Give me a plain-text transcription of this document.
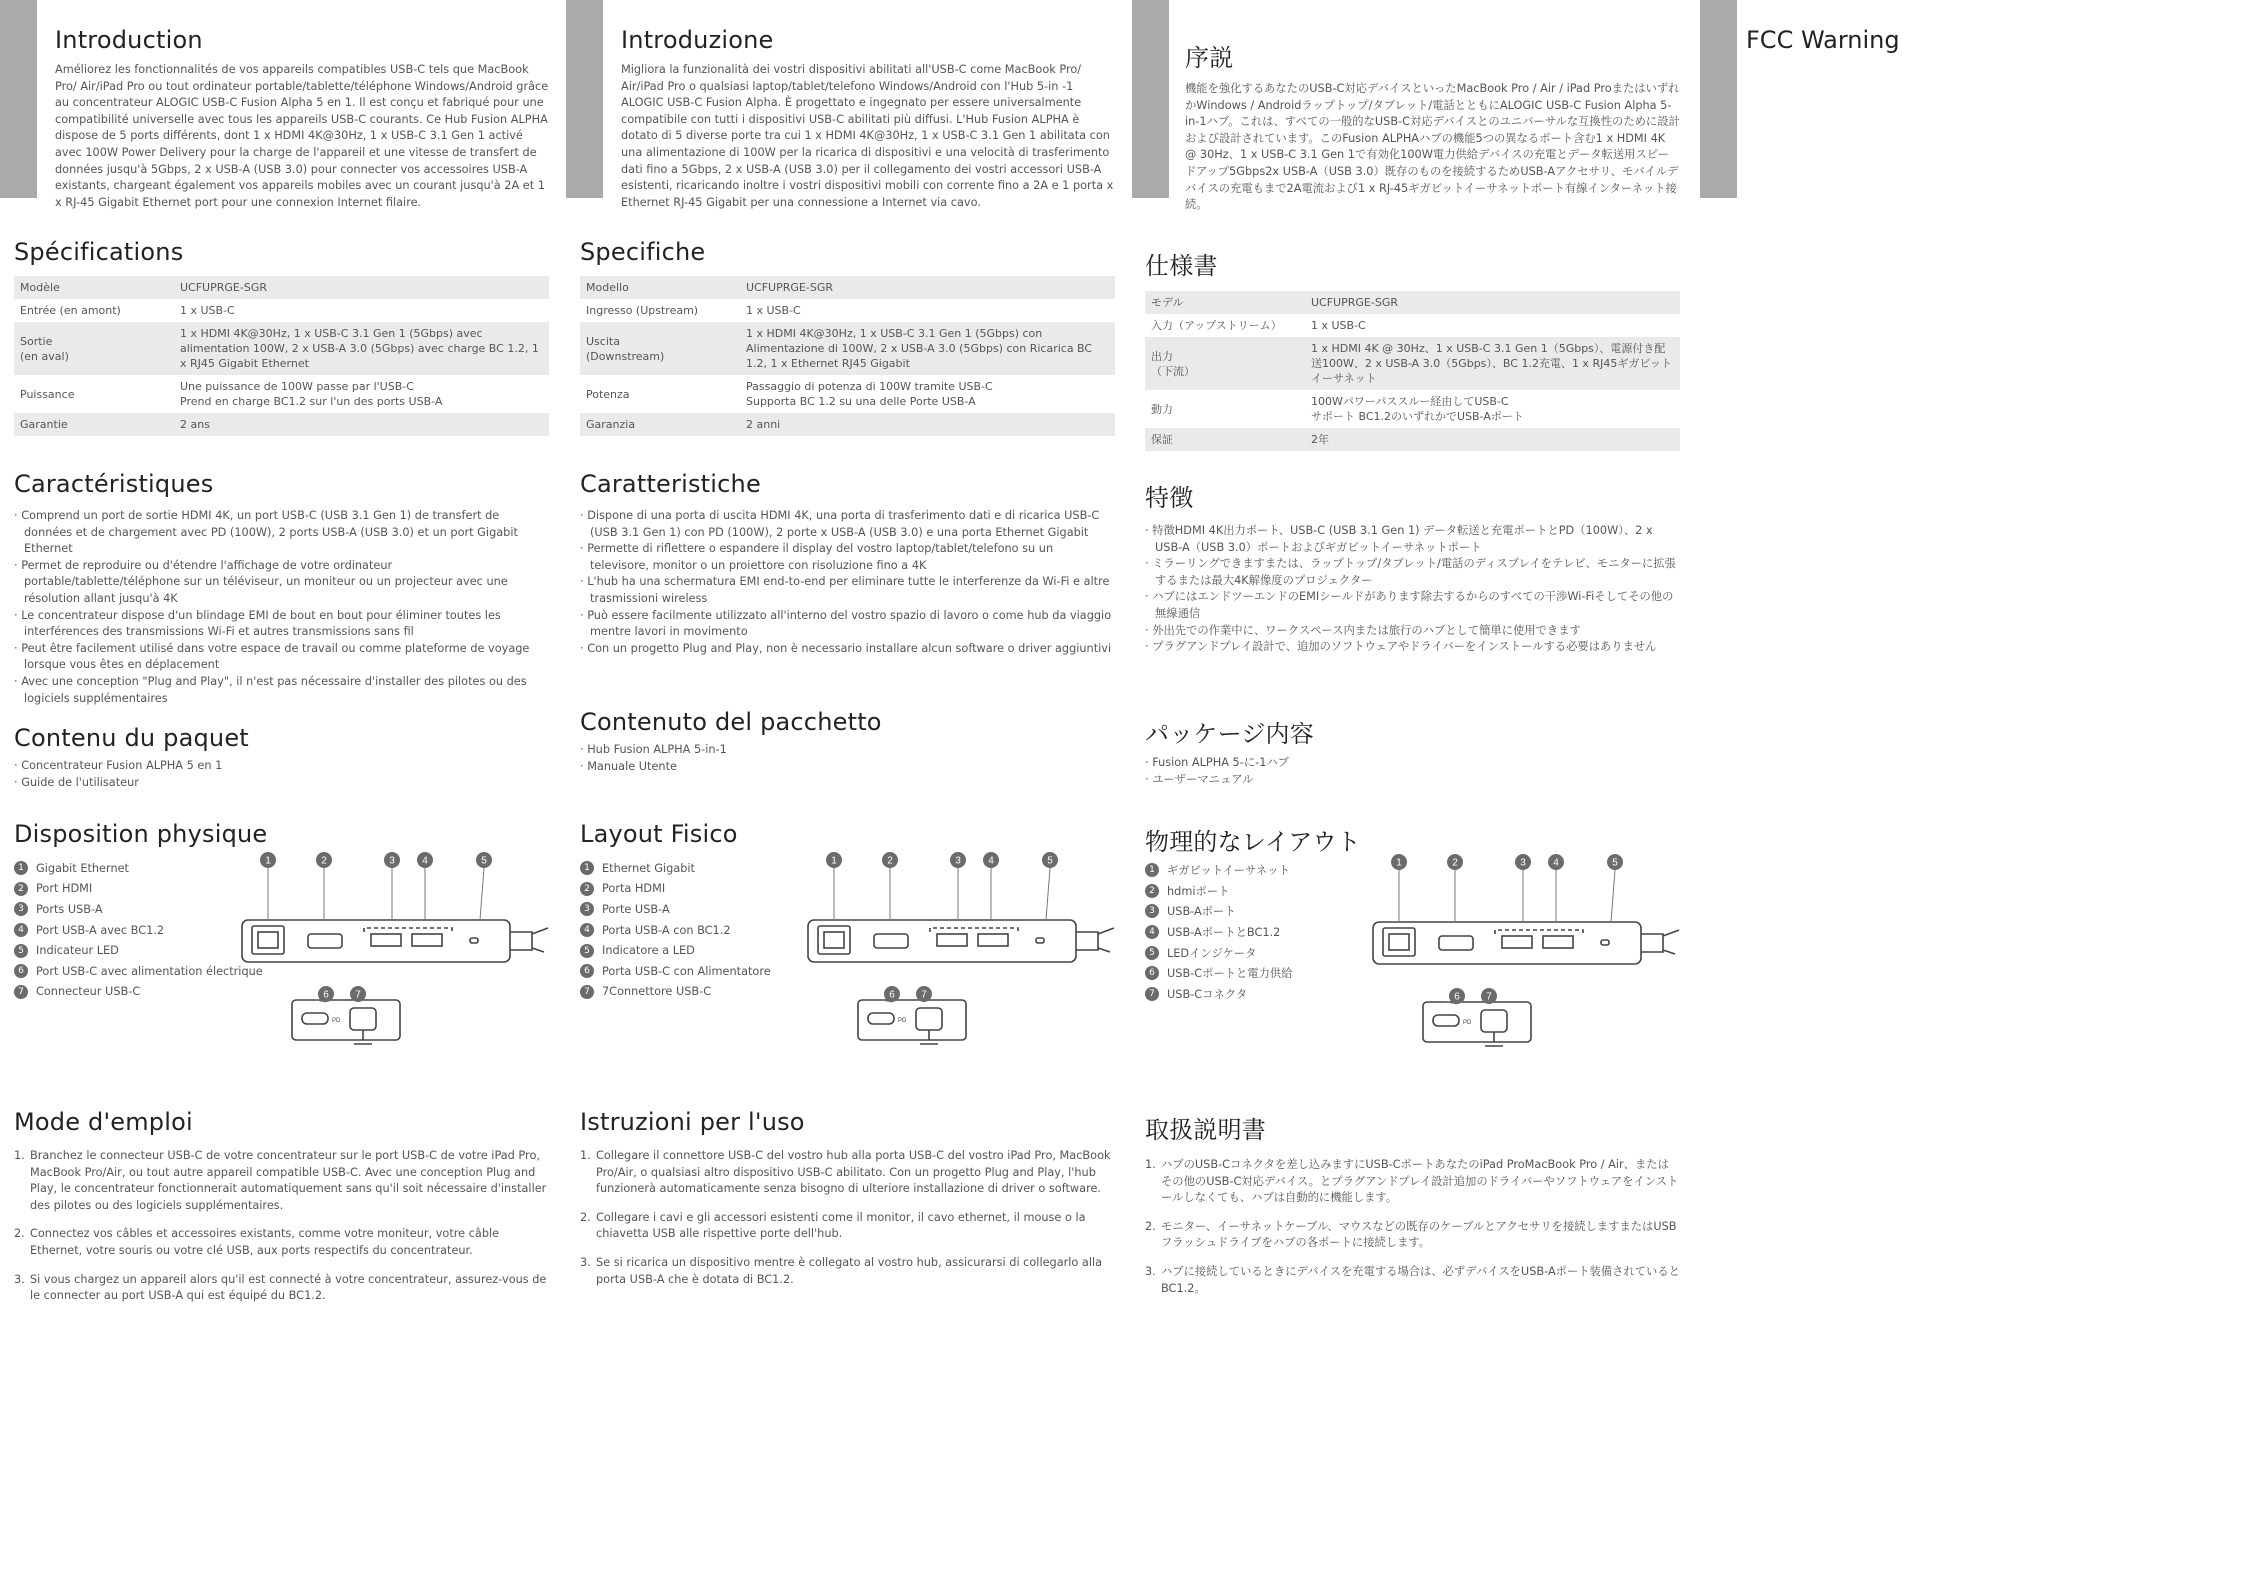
Introduction

Améliorez les fonctionnalités de vos appareils compatibles USB-C tels que MacBook Pro/ Air/iPad Pro ou tout ordinateur portable/tablette/téléphone Windows/Android grâce au concentrateur ALOGIC USB-C Fusion Alpha 5 en 1. Il est conçu et fabriqué pour une compatibilité universelle avec tous les appareils USB-C courants. Ce Hub Fusion ALPHA dispose de 5 ports différents, dont 1 x HDMI 4K@30Hz, 1 x USB-C 3.1 Gen 1 activé avec 100W Power Delivery pour la charge de l'appareil et une vitesse de transfert de données jusqu'à 5Gbps, 2 x USB-A (USB 3.0) pour connecter vos accessoires USB-A existants, chargeant également vos appareils mobiles avec un courant jusqu'à 2A et 1 x RJ-45 Gigabit Ethernet port pour une connexion Internet filaire.

Spécifications
Modèle	UCFUPRGE-SGR
Entrée (en amont)	1 x USB-C
Sortie
(en aval)	1 x HDMI 4K@30Hz, 1 x USB-C 3.1 Gen 1 (5Gbps) avec alimentation 100W, 2 x USB-A 3.0 (5Gbps) avec charge BC 1.2, 1 x RJ45 Gigabit Ethernet
Puissance	Une puissance de 100W passe par l'USB-C
Prend en charge BC1.2 sur l'un des ports USB-A
Garantie	2 ans
Caractéristiques
· Comprend un port de sortie HDMI 4K, un port USB-C (USB 3.1 Gen 1) de transfert de données et de chargement avec PD (100W), 2 ports USB-A (USB 3.0) et un port Gigabit Ethernet
· Permet de reproduire ou d'étendre l'affichage de votre ordinateur portable/tablette/téléphone sur un téléviseur, un moniteur ou un projecteur avec une résolution allant jusqu'à 4K
· Le concentrateur dispose d'un blindage EMI de bout en bout pour éliminer toutes les interférences des transmissions Wi-Fi et autres transmissions sans fil
· Peut être facilement utilisé dans votre espace de travail ou comme plateforme de voyage lorsque vous êtes en déplacement
· Avec une conception "Plug and Play", il n'est pas nécessaire d'installer des pilotes ou des logiciels supplémentaires
Contenu du paquet
· Concentrateur Fusion ALPHA 5 en 1
· Guide de l'utilisateur
Disposition physique
1	Gigabit Ethernet
2	Port HDMI
3	Ports USB-A
4	Port USB-A avec BC1.2
5	Indicateur LED
6	Port USB-C avec alimentation électrique
7	Connecteur USB-C
PD
1	2	3	4	5
6	7
Mode d'emploi
1. Branchez le connecteur USB-C de votre concentrateur sur le port USB-C de votre iPad Pro, MacBook Pro/Air, ou tout autre appareil compatible USB-C. Avec une conception Plug and Play, le concentrateur fonctionnerait automatiquement sans qu'il soit nécessaire d'installer des pilotes ou des logiciels supplémentaires.
2. Connectez vos câbles et accessoires existants, comme votre moniteur, votre câble Ethernet, votre souris ou votre clé USB, aux ports respectifs du concentrateur.
3. Si vous chargez un appareil alors qu'il est connecté à votre concentrateur, assurez-vous de le connecter au port USB-A qui est équipé du BC1.2.
Introduzione

Migliora la funzionalità dei vostri dispositivi abilitati all'USB-C come MacBook Pro/ Air/iPad Pro o qualsiasi laptop/tablet/telefono Windows/Android con l'Hub 5-in -1 ALOGIC USB-C Fusion Alpha. È progettato e ingegnato per essere universalmente compatibile con tutti i dispositivi USB-C abilitati più diffusi. L'Hub Fusion ALPHA è dotato di 5 diverse porte tra cui 1 x HDMI 4K@30Hz, 1 x USB-C 3.1 Gen 1 abilitata con una alimentazione di 100W per la ricarica di dispositivi e una velocità di trasferimento dati fino a 5Gbps, 2 x USB-A (USB 3.0) per il collegamento dei vostri accessori USB-A esistenti, ricaricando inoltre i vostri dispositivi mobili con corrente fino a 2A e 1 porta x Ethernet RJ-45 Gigabit per una connessione a Internet via cavo.

Specifiche
Modello	UCFUPRGE-SGR
Ingresso (Upstream)	1 x USB-C
Uscita
(Downstream)	1 x HDMI 4K@30Hz, 1 x USB-C 3.1 Gen 1 (5Gbps) con Alimentazione di 100W, 2 x USB-A 3.0 (5Gbps) con Ricarica BC 1.2, 1 x Ethernet RJ45 Gigabit
Potenza	Passaggio di potenza di 100W tramite USB-C
Supporta BC 1.2 su una delle Porte USB-A
Garanzia	2 anni
Caratteristiche
· Dispone di una porta di uscita HDMI 4K, una porta di trasferimento dati e di ricarica USB-C (USB 3.1 Gen 1) con PD (100W), 2 porte x USB-A (USB 3.0) e una porta Ethernet Gigabit
· Permette di riflettere o espandere il display del vostro laptop/tablet/telefono su un televisore, monitor o un proiettore con risoluzione fino a 4K
· L'hub ha una schermatura EMI end-to-end per eliminare tutte le interferenze da Wi-Fi e altre trasmissioni wireless
· Può essere facilmente utilizzato all'interno del vostro spazio di lavoro o come hub da viaggio mentre lavori in movimento
· Con un progetto Plug and Play, non è necessario installare alcun software o driver aggiuntivi
Contenuto del pacchetto
· Hub Fusion ALPHA 5-in-1
· Manuale Utente
Layout Fisico
1	Ethernet Gigabit
2	Porta HDMI
3	Porte USB-A
4	Porta USB-A con BC1.2
5	Indicatore a LED
6	Porta USB-C con Alimentatore
7	7Connettore USB-C
PD
1	2	3	4	5
6	7
Istruzioni per l'uso
1. Collegare il connettore USB-C del vostro hub alla porta USB-C del vostro iPad Pro, MacBook Pro/Air, o qualsiasi altro dispositivo USB-C abilitato. Con un progetto Plug and Play, l'hub funzionerà automaticamente senza bisogno di ulteriore installazione di driver o software.
2. Collegare i cavi e gli accessori esistenti come il monitor, il cavo ethernet, il mouse o la chiavetta USB alle rispettive porte dell'hub.
3. Se si ricarica un dispositivo mentre è collegato al vostro hub, assicurarsi di collegarlo alla porta USB-A che è dotata di BC1.2.
序説

機能を強化するあなたのUSB-C対応デバイスといったMacBook Pro / Air / iPad ProまたはいずれかWindows / Androidラップトップ/タブレット/電話とともにALOGIC USB-C Fusion Alpha 5-in-1ハブ。これは、すべての一般的なUSB-C対応デバイスとのユニバーサルな互換性のために設計および設計されています。このFusion ALPHAハブの機能5つの異なるポート含む1 x HDMI 4K @ 30Hz、1 x USB-C 3.1 Gen 1で有効化100W電力供給デバイスの充電とデータ転送用スピードアップ5Gbps2x USB-A（USB 3.0）既存のものを接続するためUSB-Aアクセサリ、モバイルデバイスの充電もまで2A電流および1 x RJ-45ギガビットイーサネットポート有線インターネット接続。

仕様書
モデル	UCFUPRGE-SGR
入力（アップストリーム）	1 x USB-C
出力
（下流）	1 x HDMI 4K @ 30Hz、1 x USB-C 3.1 Gen 1（5Gbps）、電源付き配送100W、2 x USB-A 3.0（5Gbps）、BC 1.2充電、1 x RJ45ギガビットイーサネット
動力	100Wパワーパススルー経由してUSB-C
サポート BC1.2のいずれかでUSB-Aポート
保証	2年
特徴
· 特徴HDMI 4K出力ポート、USB-C (USB 3.1 Gen 1) データ転送と充電ポートとPD（100W）、2 x USB-A（USB 3.0）ポートおよびギガビットイーサネットポート
· ミラーリングできますまたは、ラップトップ/タブレット/電話のディスプレイをテレビ、モニターに拡張するまたは最大4K解像度のプロジェクター
· ハブにはエンドツーエンドのEMIシールドがあります除去するからのすべての干渉Wi-Fiそしてその他の無線通信
· 外出先での作業中に、ワークスペース内または旅行のハブとして簡単に使用できます
· プラグアンドプレイ設計で、追加のソフトウェアやドライバーをインストールする必要はありません
パッケージ内容
· Fusion ALPHA 5-に-1ハブ
· ユーザーマニュアル
物理的なレイアウト
1	ギガビットイーサネット
2	hdmiポート
3	USB-Aポート
4	USB-AポートとBC1.2
5	LEDインジケータ
6	USB-Cポートと電力供給
7	USB-Cコネクタ
PD
1	2	3	4	5
6	7
取扱説明書
1. ハブのUSB-Cコネクタを差し込みますにUSB-CポートあなたのiPad ProMacBook Pro / Air、またはその他のUSB-C対応デバイス。とプラグアンドプレイ設計追加のドライバーやソフトウェアをインストールしなくても、ハブは自動的に機能します。
2. モニター、イーサネットケーブル、マウスなどの既存のケーブルとアクセサリを接続しますまたはUSBフラッシュドライブをハブの各ポートに接続します。
3. ハブに接続しているときにデバイスを充電する場合は、必ずデバイスをUSB-Aポート装備されているとBC1.2。
FCC Warning
